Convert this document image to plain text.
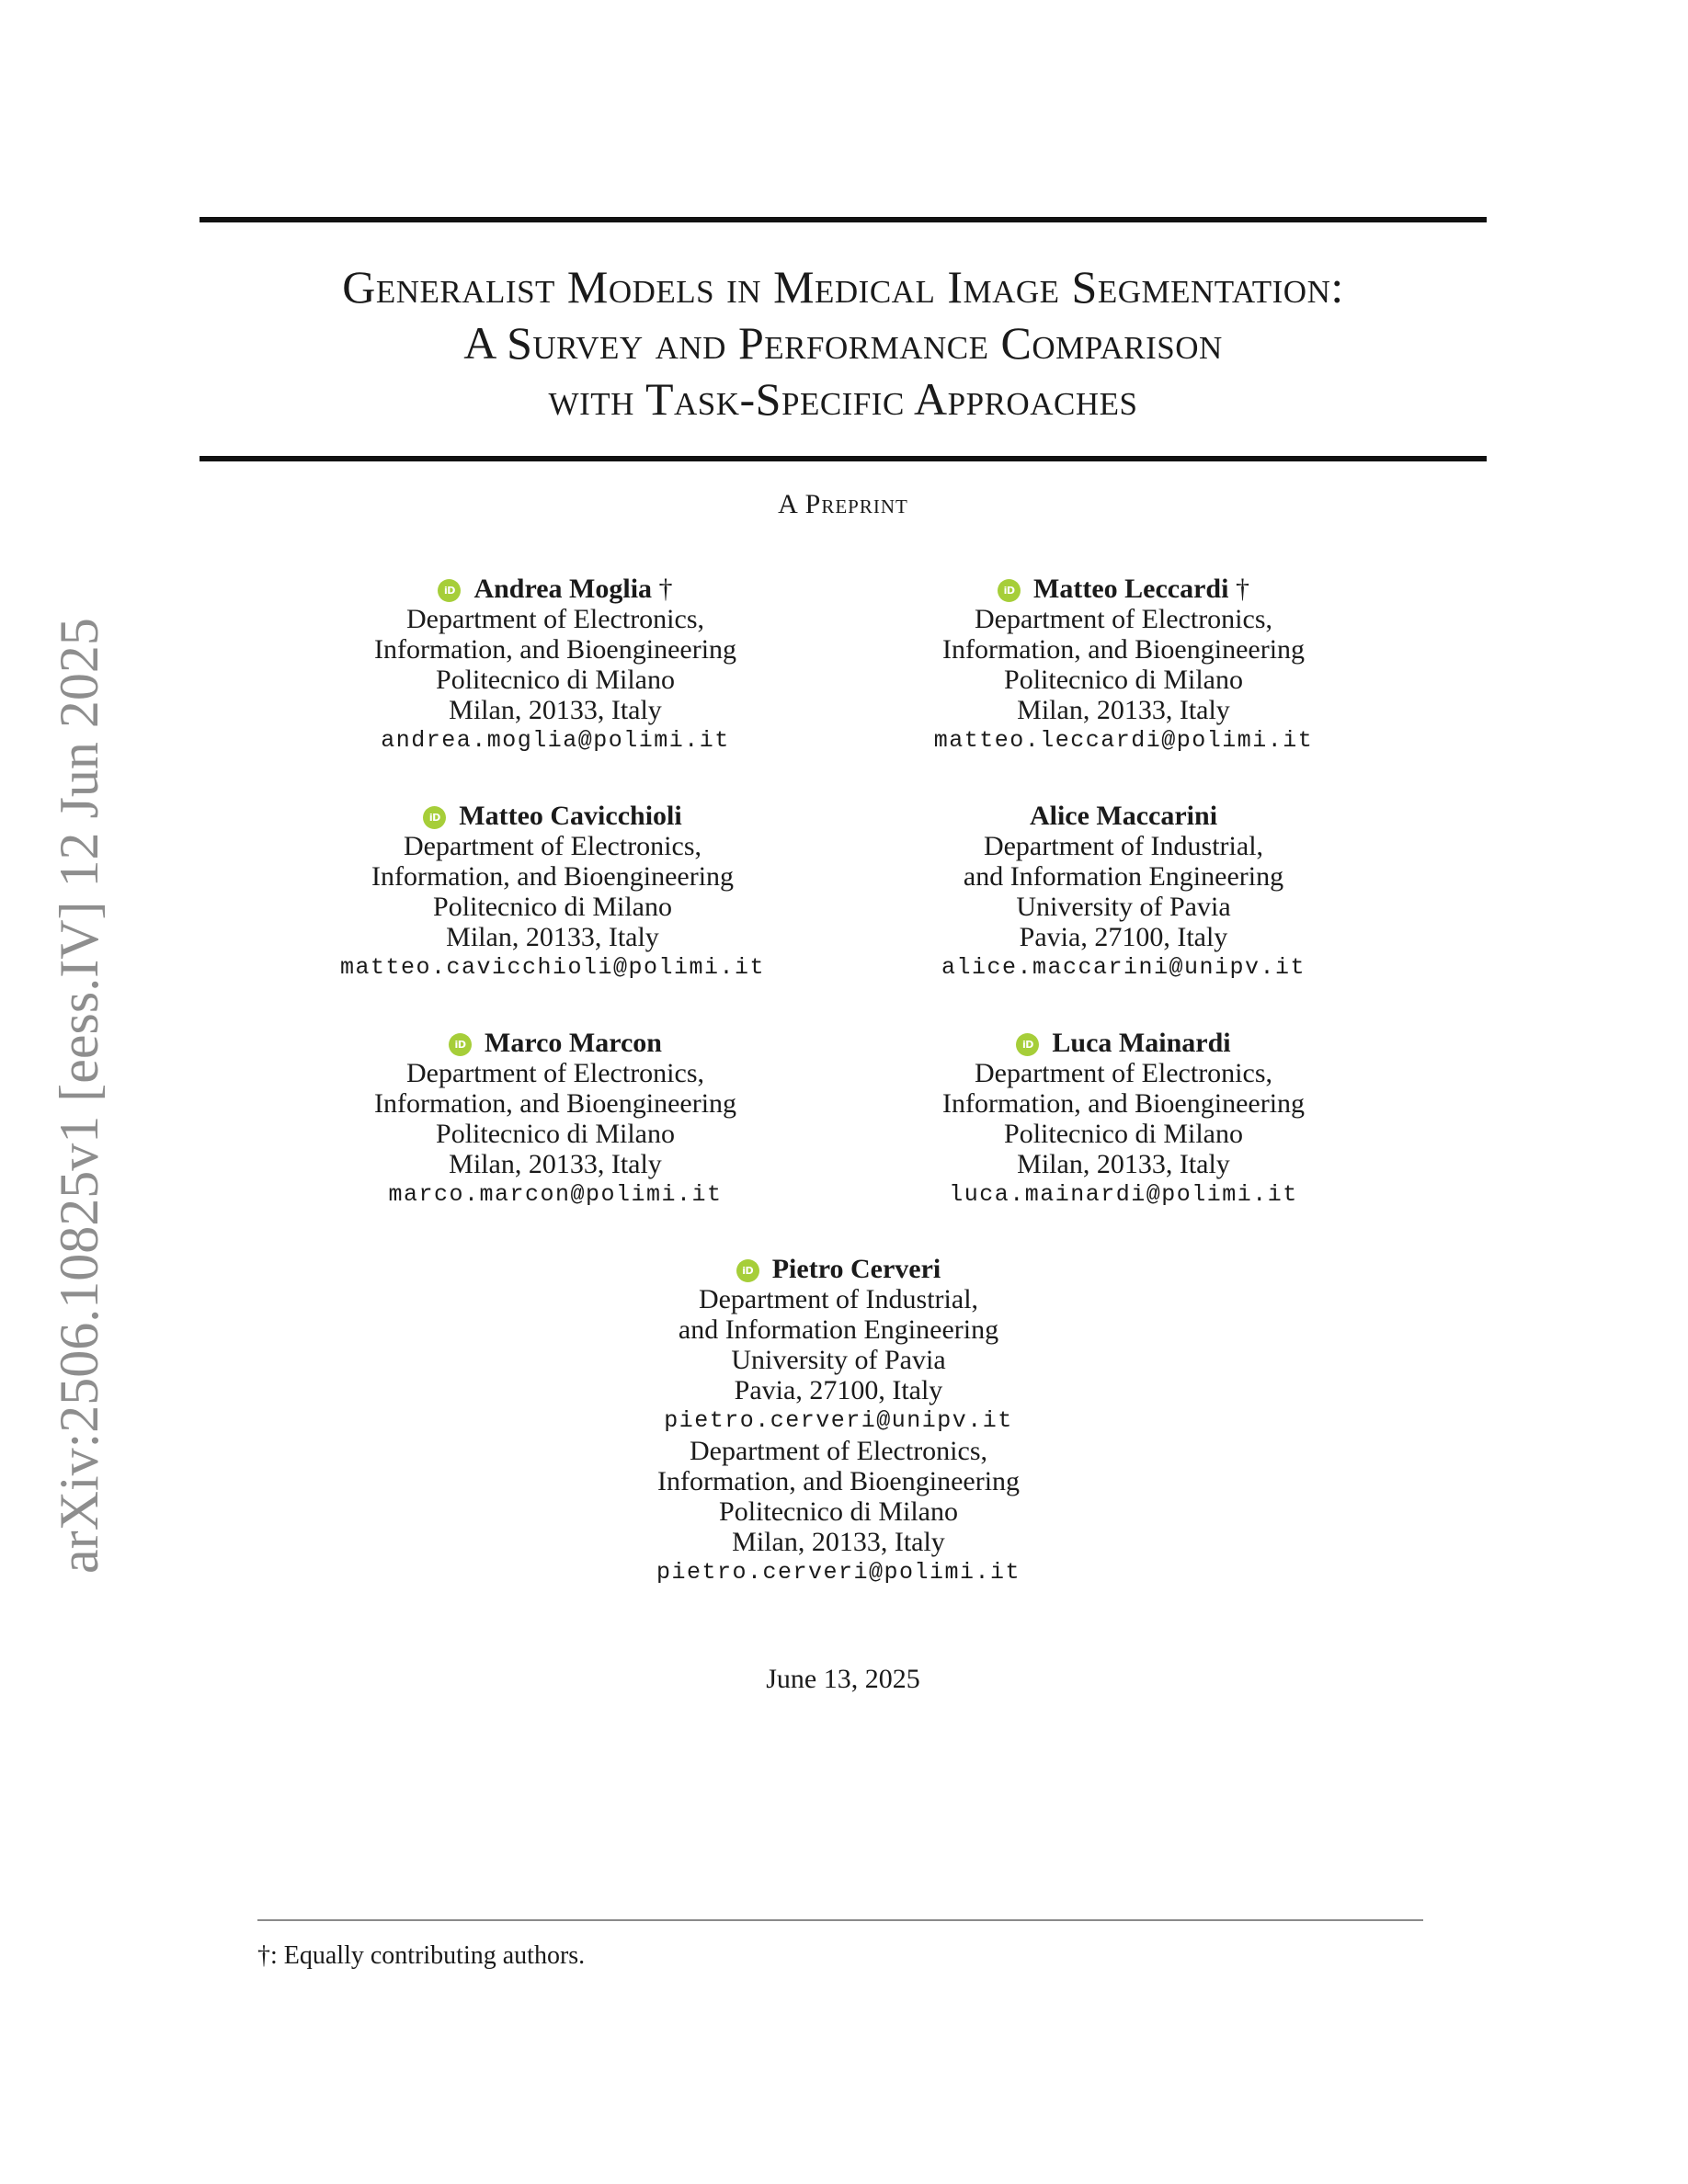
arXiv:2506.10825v1 [eess.IV] 12 Jun 2025
Generalist Models in Medical Image Segmentation:
A Survey and Performance Comparison
with Task-Specific Approaches
A Preprint
iD Andrea Moglia †
Department of Electronics,
Information, and Bioengineering
Politecnico di Milano
Milan, 20133, Italy
andrea.moglia@polimi.it
iD Matteo Leccardi †
Department of Electronics,
Information, and Bioengineering
Politecnico di Milano
Milan, 20133, Italy
matteo.leccardi@polimi.it
iD Matteo Cavicchioli
Department of Electronics,
Information, and Bioengineering
Politecnico di Milano
Milan, 20133, Italy
matteo.cavicchioli@polimi.it
Alice Maccarini
Department of Industrial,
and Information Engineering
University of Pavia
Pavia, 27100, Italy
alice.maccarini@unipv.it
iD Marco Marcon
Department of Electronics,
Information, and Bioengineering
Politecnico di Milano
Milan, 20133, Italy
marco.marcon@polimi.it
iD Luca Mainardi
Department of Electronics,
Information, and Bioengineering
Politecnico di Milano
Milan, 20133, Italy
luca.mainardi@polimi.it
iD Pietro Cerveri
Department of Industrial,
and Information Engineering
University of Pavia
Pavia, 27100, Italy
pietro.cerveri@unipv.it
Department of Electronics,
Information, and Bioengineering
Politecnico di Milano
Milan, 20133, Italy
pietro.cerveri@polimi.it
June 13, 2025
†: Equally contributing authors.
